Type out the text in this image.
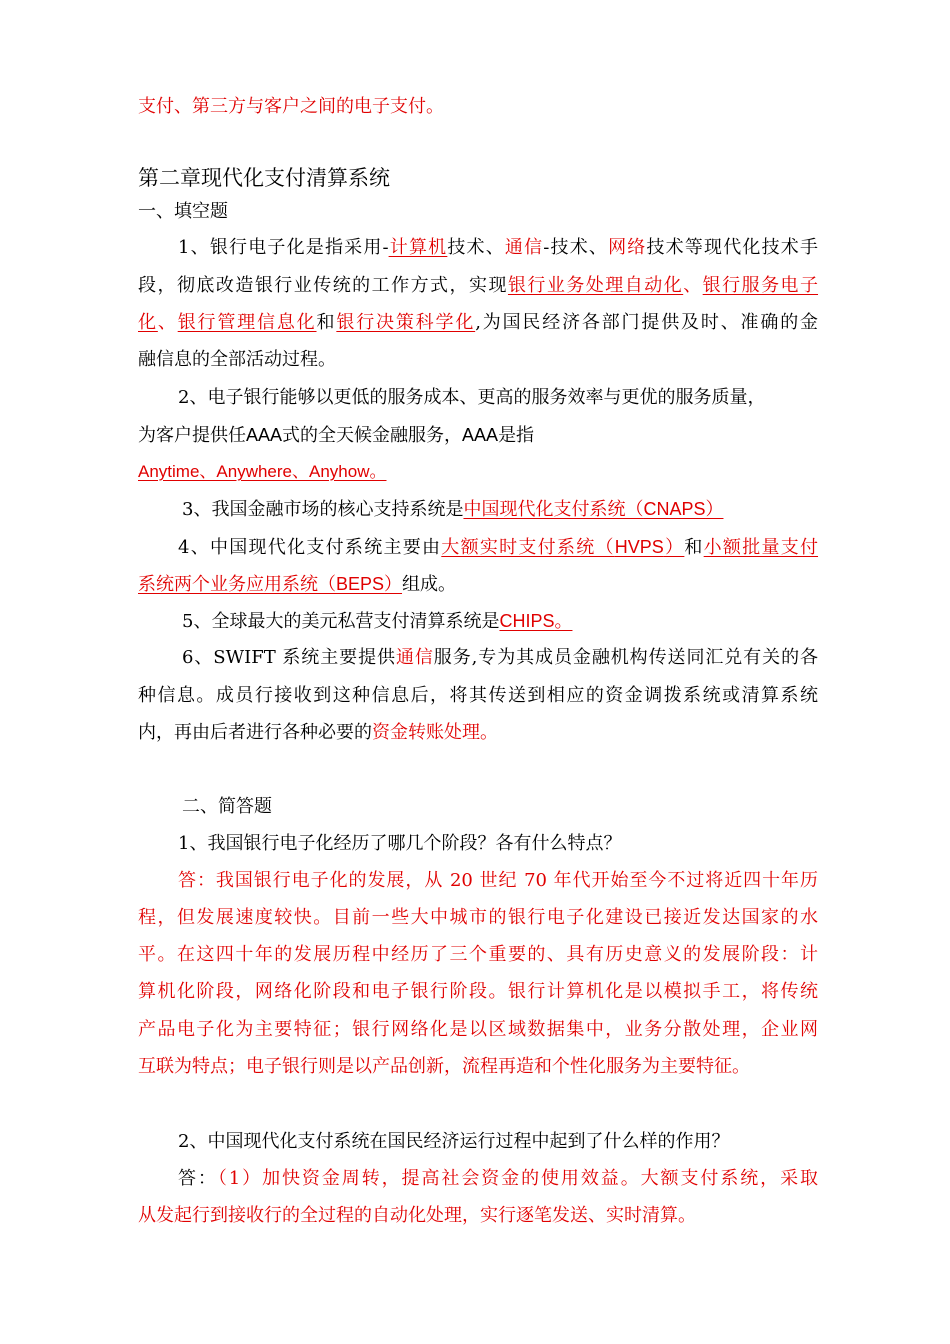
支付、第三方与客户之间的电子支付。
第二章现代化支付清算系统
一、填空题
1、银行电子化是指采用-计算机技术、通信-技术、网络技术等现代化技术手
段，彻底改造银行业传统的工作方式，实现银行业务处理自动化、银行服务电子
化、银行管理信息化和银行决策科学化,为国民经济各部门提供及时、准确的金
融信息的全部活动过程。
2、电子银行能够以更低的服务成本、更高的服务效率与更优的服务质量，
为客户提供任AAA式的全天候金融服务，AAA是指
Anytime、Anywhere、Anyhow。
3、我国金融市场的核心支持系统是中国现代化支付系统（CNAPS）
4、中国现代化支付系统主要由大额实时支付系统（HVPS）和小额批量支付
系统两个业务应用系统（BEPS）组成。
5、全球最大的美元私营支付清算系统是CHIPS。
6、SWIFT 系统主要提供通信服务,专为其成员金融机构传送同汇兑有关的各
种信息。成员行接收到这种信息后，将其传送到相应的资金调拨系统或清算系统
内，再由后者进行各种必要的资金转账处理。
二、简答题
1、我国银行电子化经历了哪几个阶段？各有什么特点？
答：我国银行电子化的发展，从 20 世纪 70 年代开始至今不过将近四十年历
程，但发展速度较快。目前一些大中城市的银行电子化建设已接近发达国家的水
平。在这四十年的发展历程中经历了三个重要的、具有历史意义的发展阶段：计
算机化阶段，网络化阶段和电子银行阶段。银行计算机化是以模拟手工，将传统
产品电子化为主要特征；银行网络化是以区域数据集中，业务分散处理，企业网
互联为特点；电子银行则是以产品创新，流程再造和个性化服务为主要特征。
2、中国现代化支付系统在国民经济运行过程中起到了什么样的作用？
答：（1）加快资金周转，提高社会资金的使用效益。大额支付系统，采取
从发起行到接收行的全过程的自动化处理，实行逐笔发送、实时清算。
